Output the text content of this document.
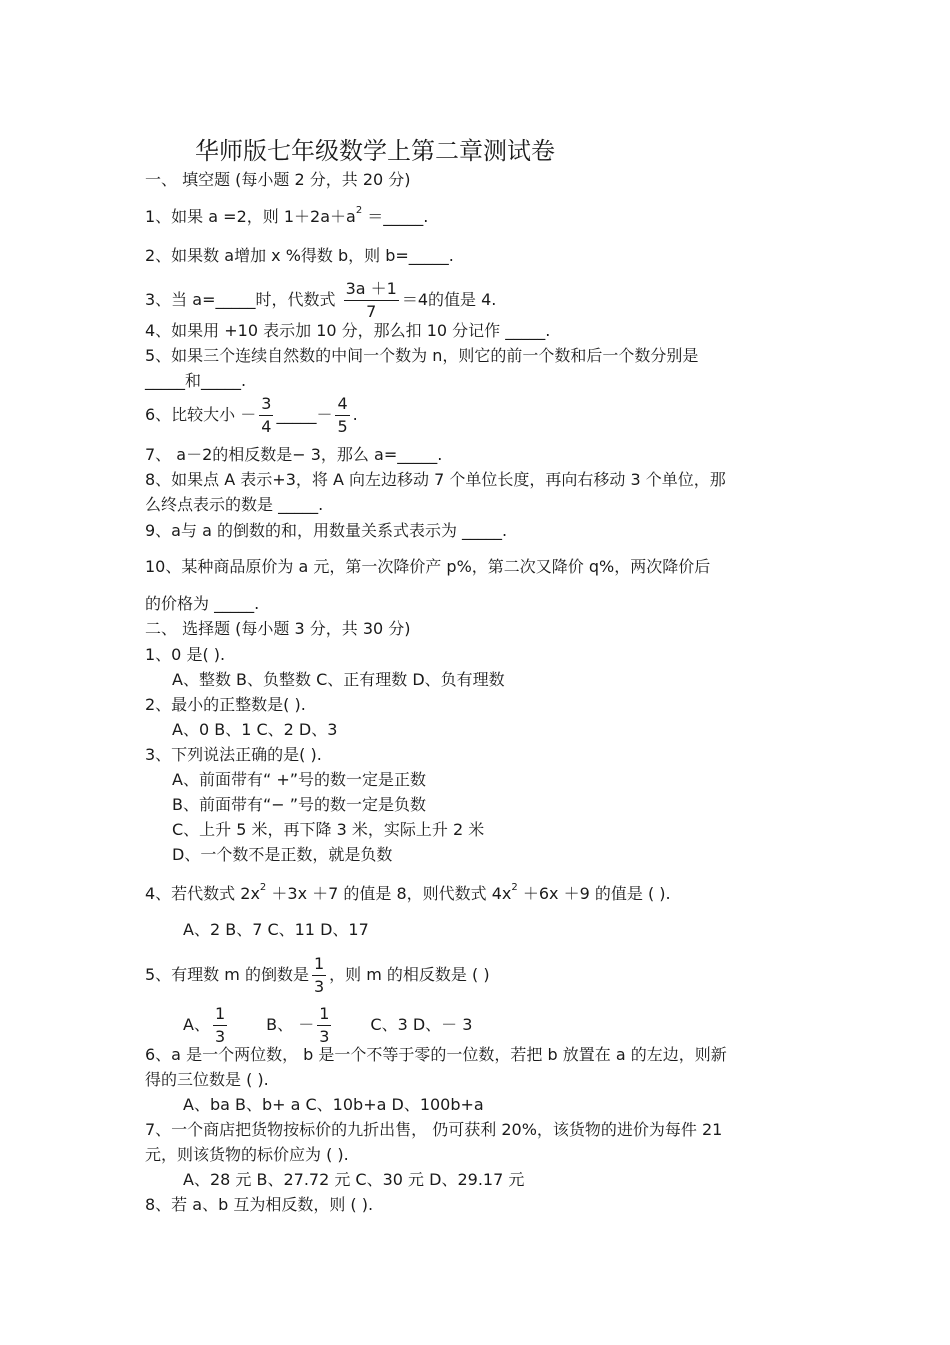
华师版七年级数学上第二章测试卷
一、 填空题 (每小题 2 分，共 20 分)
1、如果 a =2，则 $1+2a+a^2$ ＝_____.
2、如果数 a增加 x %得数 b，则 b=_____.
3、当 a=_____时，代数式 $\frac{3a +1}{7} =4$的值是 4.
4、如果用 +10 表示加 10 分，那么扣 10 分记作 _____.
5、如果三个连续自然数的中间一个数为 n，则它的前一个数和后一个数分别是
_____和_____.
6、比较大小 － $\frac{3}{4}$ _____－ $\frac{4}{5}$ .
7、 a－2的相反数是− 3，那么 a=_____.
8、如果点 A 表示+3，将 A 向左边移动 7 个单位长度，再向右移动 3 个单位，那
么终点表示的数是 _____.
9、a与 a 的倒数的和，用数量关系式表示为 _____.
10、某种商品原价为 a 元，第一次降价产 p%，第二次又降价 q%，两次降价后
的价格为 _____.
二、 选择题 (每小题 3 分，共 30 分)
1、0 是( ).
A、整数 B、负整数 C、正有理数 D、负有理数
2、最小的正整数是( ).
A、0 B、1 C、2 D、3
3、下列说法正确的是( ).
A、前面带有“ +”号的数一定是正数
B、前面带有“− ”号的数一定是负数
C、上升 5 米，再下降 3 米，实际上升 2 米
D、一个数不是正数，就是负数
4、若代数式 $2x^2 +3x +7$ 的值是 8，则代数式 $4x^2 +6x +9$ 的值是 ( ).
A、2 B、7 C、11 D、17
5、有理数 m 的倒数是 $\frac{1}{3}$ ，则 m 的相反数是 ( )
A、 $\frac{1}{3}$ B、 － $\frac{1}{3}$ C、3 D、－ 3
6、a 是一个两位数， b 是一个不等于零的一位数，若把 b 放置在 a 的左边，则新
得的三位数是 ( ).
A、ba B、b+ a C、10b+a D、100b+a
7、一个商店把货物按标价的九折出售， 仍可获利 20%，该货物的进价为每件 21
元，则该货物的标价应为 ( ).
A、28 元 B、27.72 元 C、30 元 D、29.17 元
8、若 a、b 互为相反数，则 ( ).
